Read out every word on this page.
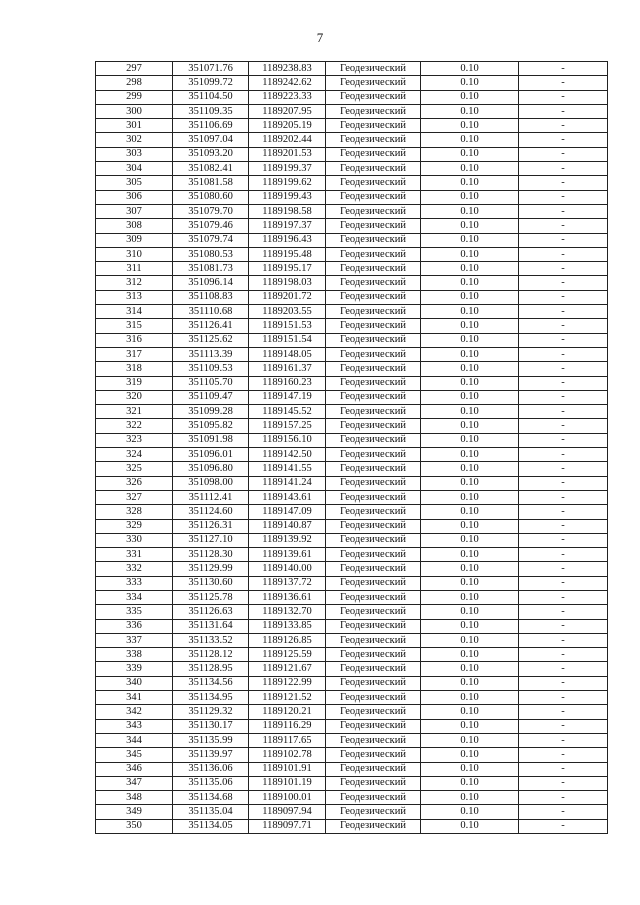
7
297	351071.76	1189238.83	Геодезический	0.10	-
298	351099.72	1189242.62	Геодезический	0.10	-
299	351104.50	1189223.33	Геодезический	0.10	-
300	351109.35	1189207.95	Геодезический	0.10	-
301	351106.69	1189205.19	Геодезический	0.10	-
302	351097.04	1189202.44	Геодезический	0.10	-
303	351093.20	1189201.53	Геодезический	0.10	-
304	351082.41	1189199.37	Геодезический	0.10	-
305	351081.58	1189199.62	Геодезический	0.10	-
306	351080.60	1189199.43	Геодезический	0.10	-
307	351079.70	1189198.58	Геодезический	0.10	-
308	351079.46	1189197.37	Геодезический	0.10	-
309	351079.74	1189196.43	Геодезический	0.10	-
310	351080.53	1189195.48	Геодезический	0.10	-
311	351081.73	1189195.17	Геодезический	0.10	-
312	351096.14	1189198.03	Геодезический	0.10	-
313	351108.83	1189201.72	Геодезический	0.10	-
314	351110.68	1189203.55	Геодезический	0.10	-
315	351126.41	1189151.53	Геодезический	0.10	-
316	351125.62	1189151.54	Геодезический	0.10	-
317	351113.39	1189148.05	Геодезический	0.10	-
318	351109.53	1189161.37	Геодезический	0.10	-
319	351105.70	1189160.23	Геодезический	0.10	-
320	351109.47	1189147.19	Геодезический	0.10	-
321	351099.28	1189145.52	Геодезический	0.10	-
322	351095.82	1189157.25	Геодезический	0.10	-
323	351091.98	1189156.10	Геодезический	0.10	-
324	351096.01	1189142.50	Геодезический	0.10	-
325	351096.80	1189141.55	Геодезический	0.10	-
326	351098.00	1189141.24	Геодезический	0.10	-
327	351112.41	1189143.61	Геодезический	0.10	-
328	351124.60	1189147.09	Геодезический	0.10	-
329	351126.31	1189140.87	Геодезический	0.10	-
330	351127.10	1189139.92	Геодезический	0.10	-
331	351128.30	1189139.61	Геодезический	0.10	-
332	351129.99	1189140.00	Геодезический	0.10	-
333	351130.60	1189137.72	Геодезический	0.10	-
334	351125.78	1189136.61	Геодезический	0.10	-
335	351126.63	1189132.70	Геодезический	0.10	-
336	351131.64	1189133.85	Геодезический	0.10	-
337	351133.52	1189126.85	Геодезический	0.10	-
338	351128.12	1189125.59	Геодезический	0.10	-
339	351128.95	1189121.67	Геодезический	0.10	-
340	351134.56	1189122.99	Геодезический	0.10	-
341	351134.95	1189121.52	Геодезический	0.10	-
342	351129.32	1189120.21	Геодезический	0.10	-
343	351130.17	1189116.29	Геодезический	0.10	-
344	351135.99	1189117.65	Геодезический	0.10	-
345	351139.97	1189102.78	Геодезический	0.10	-
346	351136.06	1189101.91	Геодезический	0.10	-
347	351135.06	1189101.19	Геодезический	0.10	-
348	351134.68	1189100.01	Геодезический	0.10	-
349	351135.04	1189097.94	Геодезический	0.10	-
350	351134.05	1189097.71	Геодезический	0.10	-
